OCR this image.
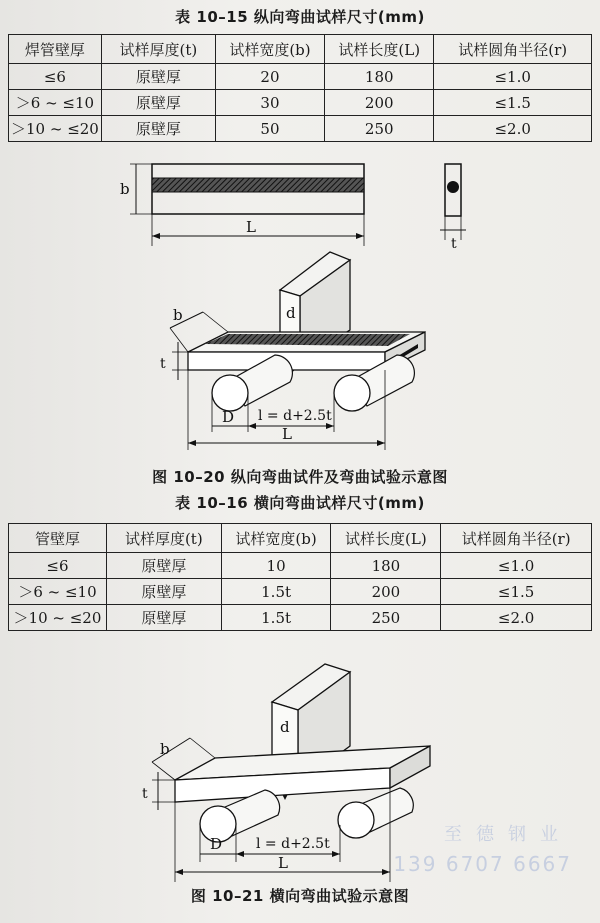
表 10–15 纵向弯曲试样尺寸(mm)
焊管壁厚	试样厚度(t)	试样宽度(b)	试样长度(L)	试样圆角半径(r)
≤6	原壁厚	20	180	≤1.0
＞6 ~ ≤10	原壁厚	30	200	≤1.5
＞10 ~ ≤20	原壁厚	50	250	≤2.0
b
L
t
d
b
t
D l = d+2.5t
L
图 10–20 纵向弯曲试件及弯曲试验示意图
表 10–16 横向弯曲试样尺寸(mm)
管壁厚	试样厚度(t)	试样宽度(b)	试样长度(L)	试样圆角半径(r)
≤6	原壁厚	10	180	≤1.0
＞6 ~ ≤10	原壁厚	1.5t	200	≤1.5
＞10 ~ ≤20	原壁厚	1.5t	250	≤2.0
d
b
t
D l = d+2.5t
L
图 10–21 横向弯曲试验示意图
至德钢业
139 6707 6667
